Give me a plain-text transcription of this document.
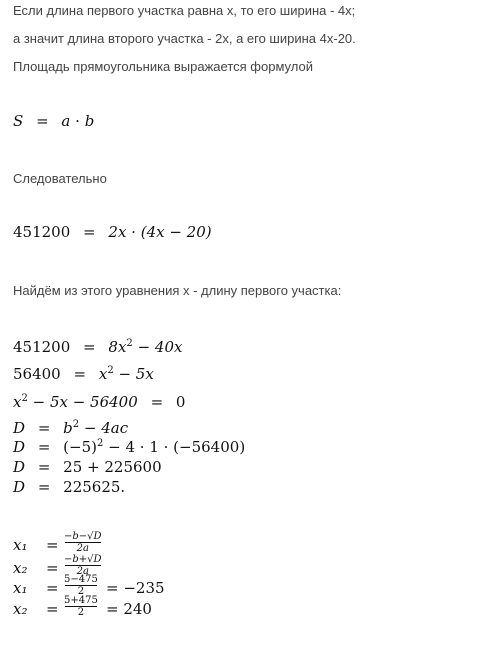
Если длина первого участка равна x, то его ширина - 4x;
а значит длина второго участка - 2x, а его ширина 4x-20.
Площадь прямоугольника выражается формулой
S = a · b
Следовательно
451200 = 2x · (4x − 20)
Найдём из этого уравнения x - длину первого участка:
$451200 = 8x^2 - 40x$
$56400 = x^2 - 5x$
$x^2 - 5x - 56400 = 0$
$D = b^2 - 4ac$
$D = (-5)^2 - 4 \cdot 1 \cdot (-56400)$
D = 25 + 225600
D = 225625.
x₁ = −b−√D
2a
x₂ = −b+√D
2a
x₁ = 5−475
2	= −235
x₂ = 5+475
2	= 240
